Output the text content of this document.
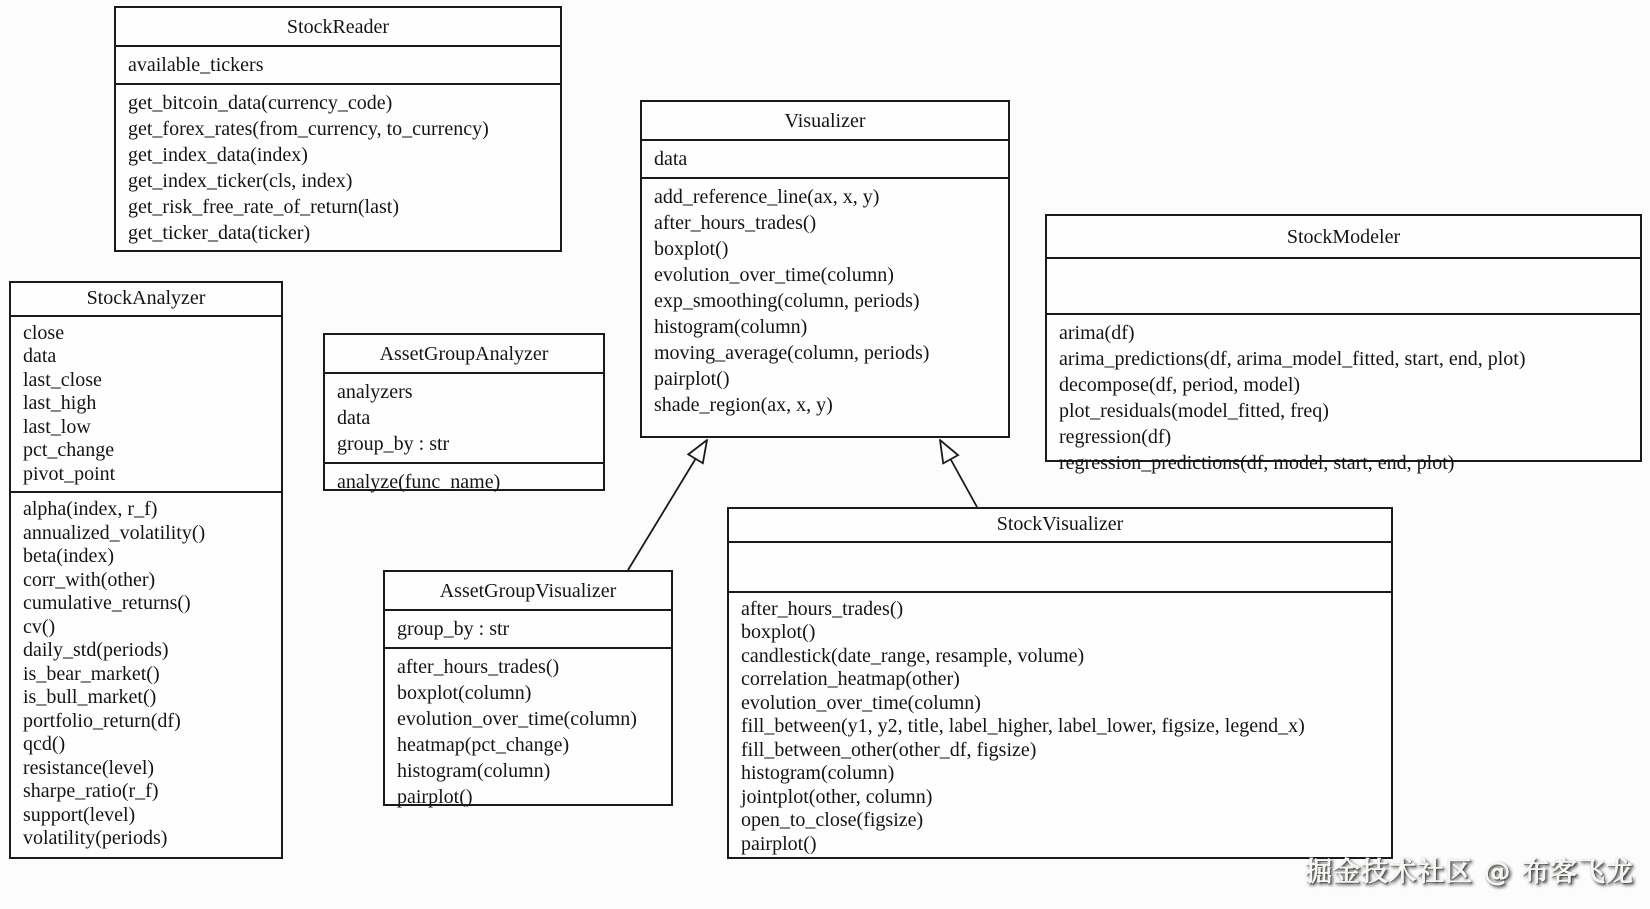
StockReader
available_tickers
get_bitcoin_data(currency_code)
get_forex_rates(from_currency, to_currency)
get_index_data(index)
get_index_ticker(cls, index)
get_risk_free_rate_of_return(last)
get_ticker_data(ticker)
StockAnalyzer
close
data
last_close
last_high
last_low
pct_change
pivot_point
alpha(index, r_f)
annualized_volatility()
beta(index)
corr_with(other)
cumulative_returns()
cv()
daily_std(periods)
is_bear_market()
is_bull_market()
portfolio_return(df)
qcd()
resistance(level)
sharpe_ratio(r_f)
support(level)
volatility(periods)
AssetGroupAnalyzer
analyzers
data
group_by : str
analyze(func_name)
Visualizer
data
add_reference_line(ax, x, y)
after_hours_trades()
boxplot()
evolution_over_time(column)
exp_smoothing(column, periods)
histogram(column)
moving_average(column, periods)
pairplot()
shade_region(ax, x, y)
StockModeler
arima(df)
arima_predictions(df, arima_model_fitted, start, end, plot)
decompose(df, period, model)
plot_residuals(model_fitted, freq)
regression(df)
regression_predictions(df, model, start, end, plot)
AssetGroupVisualizer
group_by : str
after_hours_trades()
boxplot(column)
evolution_over_time(column)
heatmap(pct_change)
histogram(column)
pairplot()
StockVisualizer
after_hours_trades()
boxplot()
candlestick(date_range, resample, volume)
correlation_heatmap(other)
evolution_over_time(column)
fill_between(y1, y2, title, label_higher, label_lower, figsize, legend_x)
fill_between_other(other_df, figsize)
histogram(column)
jointplot(other, column)
open_to_close(figsize)
pairplot()
掘金技术社区 @ 布客飞龙
